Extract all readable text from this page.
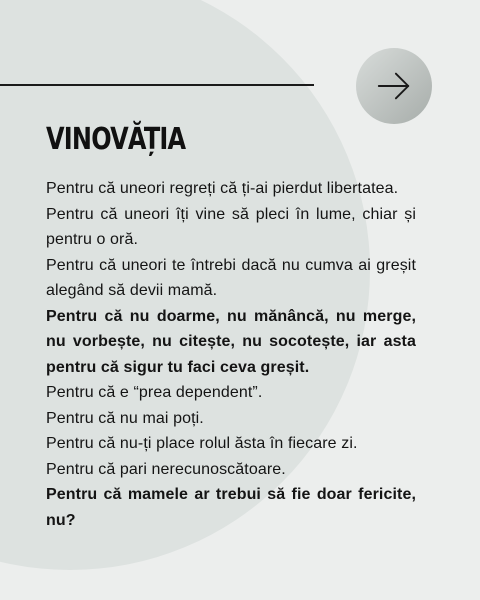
VINOVĂȚIA

Pentru că uneori regreți că ți-ai pierdut libertatea.

Pentru că uneori îți vine să pleci în lume, chiar și pentru o oră.

Pentru că uneori te întrebi dacă nu cumva ai greșit alegând să devii mamă.

Pentru că nu doarme, nu mănâncă, nu merge, nu vorbește, nu citește, nu socotește, iar asta pentru că sigur tu faci ceva greșit.

Pentru că e “prea dependent”.

Pentru că nu mai poți.

Pentru că nu-ți place rolul ăsta în fiecare zi.

Pentru că pari nerecunoscătoare.

Pentru că mamele ar trebui să fie doar fericite, nu?
